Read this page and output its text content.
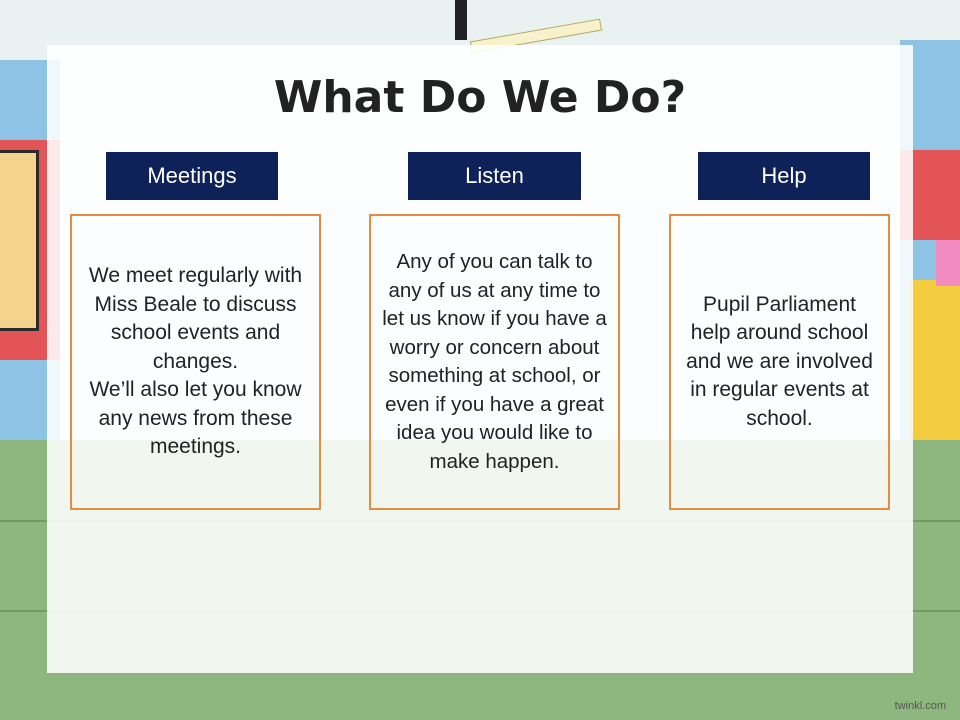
What Do We Do?
Meetings	Listen	Help
We meet regularly with Miss Beale to discuss school events and changes.
We’ll also let you know any news from these meetings.
Any of you can talk to any of us at any time to let us know if you have a worry or concern about something at school, or even if you have a great idea you would like to make happen.
Pupil Parliament help around school and we are involved in regular events at school.
twinkl.com
